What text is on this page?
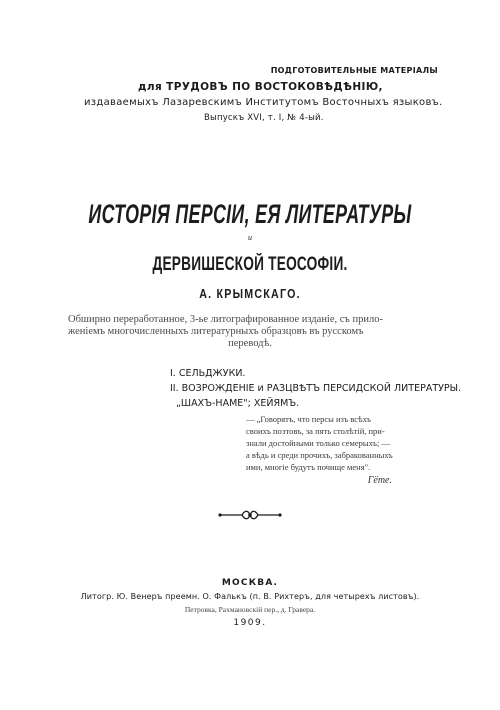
ПОДГОТОВИТЕЛЬНЫЕ МАТЕРІАЛЫ
для ТРУДОВЪ ПО ВОСТОКОВѢДѢНІЮ,
издаваемыхъ Лазаревскимъ Институтомъ Восточныхъ языковъ.
Выпускъ XVI, т. I, № 4-ый.
ИСТОРІЯ ПЕРСІИ, ЕЯ ЛИТЕРАТУРЫ
и
ДЕРВИШЕСКОЙ ТЕОСОФІИ.
А. КРЫМСКАГО.
Обширно переработанное, 3-ье литографированное изданіе, съ прило-
женіемъ многочисленныхъ литературныхъ образцовъ въ русскомъ
переводѣ.
I. СЕЛЬДЖУКИ.
II. ВОЗРОЖДЕНІЕ и РАЗЦВѢТЪ ПЕРСИДСКОЙ ЛИТЕРАТУРЫ.
„ШАХЪ-НАМЕ"; ХЕЙЯМЪ.
— „Говорятъ, что персы изъ всѣхъ
своихъ поэтовъ, за пять столѣтій, при-
знали достойными только семерыхъ; —
а вѣдь и среди прочихъ, забракованныхъ
ими, многіе будутъ почище меня".
Гёте.
МОСКВА.
Литогр. Ю. Венеръ преемн. О. Фалькъ (п. В. Рихтеръ, для четырехъ листовъ).
Петровка, Рахмановскій пер., д. Гравера.
1909.
